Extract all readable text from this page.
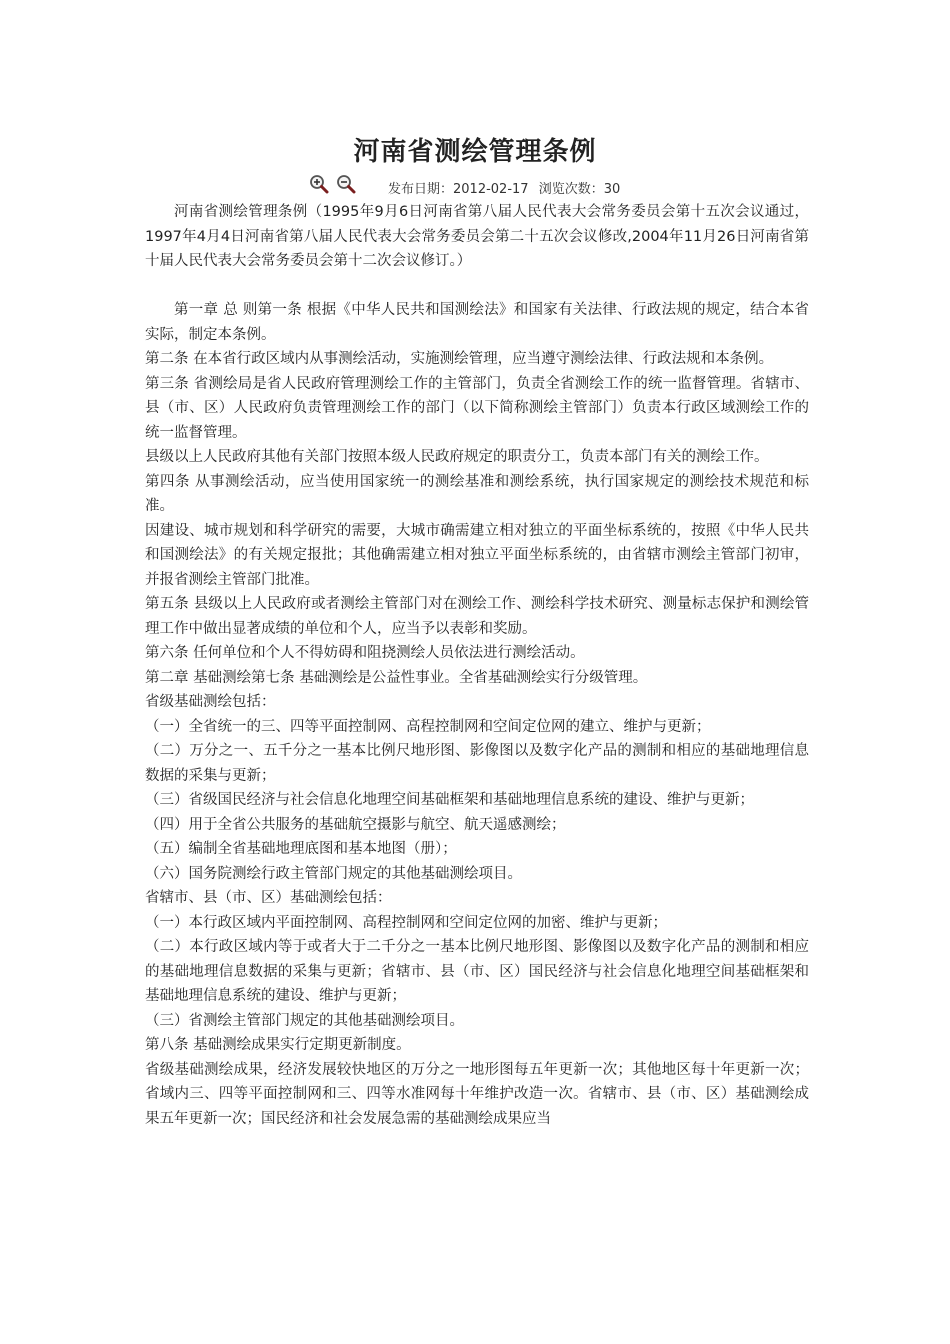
河南省测绘管理条例
发布日期：2012-02-17 浏览次数：30

河南省测绘管理条例（1995年9月6日河南省第八届人民代表大会常务委员会第十五次会议通过，1997年4月4日河南省第八届人民代表大会常务委员会第二十五次会议修改,2004年11月26日河南省第十届人民代表大会常务委员会第十二次会议修订。）

第一章 总 则第一条 根据《中华人民共和国测绘法》和国家有关法律、行政法规的规定，结合本省实际，制定本条例。

第二条 在本省行政区域内从事测绘活动，实施测绘管理，应当遵守测绘法律、行政法规和本条例。

第三条 省测绘局是省人民政府管理测绘工作的主管部门，负责全省测绘工作的统一监督管理。省辖市、县（市、区）人民政府负责管理测绘工作的部门（以下简称测绘主管部门）负责本行政区域测绘工作的统一监督管理。

县级以上人民政府其他有关部门按照本级人民政府规定的职责分工，负责本部门有关的测绘工作。

第四条 从事测绘活动，应当使用国家统一的测绘基准和测绘系统，执行国家规定的测绘技术规范和标准。

因建设、城市规划和科学研究的需要，大城市确需建立相对独立的平面坐标系统的，按照《中华人民共和国测绘法》的有关规定报批；其他确需建立相对独立平面坐标系统的，由省辖市测绘主管部门初审，并报省测绘主管部门批准。

第五条 县级以上人民政府或者测绘主管部门对在测绘工作、测绘科学技术研究、测量标志保护和测绘管理工作中做出显著成绩的单位和个人，应当予以表彰和奖励。

第六条 任何单位和个人不得妨碍和阻挠测绘人员依法进行测绘活动。

第二章 基础测绘第七条 基础测绘是公益性事业。全省基础测绘实行分级管理。

省级基础测绘包括：

（一）全省统一的三、四等平面控制网、高程控制网和空间定位网的建立、维护与更新；

（二）万分之一、五千分之一基本比例尺地形图、影像图以及数字化产品的测制和相应的基础地理信息数据的采集与更新；

（三）省级国民经济与社会信息化地理空间基础框架和基础地理信息系统的建设、维护与更新；

（四）用于全省公共服务的基础航空摄影与航空、航天遥感测绘；

（五）编制全省基础地理底图和基本地图（册）；

（六）国务院测绘行政主管部门规定的其他基础测绘项目。

省辖市、县（市、区）基础测绘包括：

（一）本行政区域内平面控制网、高程控制网和空间定位网的加密、维护与更新；

（二）本行政区域内等于或者大于二千分之一基本比例尺地形图、影像图以及数字化产品的测制和相应的基础地理信息数据的采集与更新；省辖市、县（市、区）国民经济与社会信息化地理空间基础框架和基础地理信息系统的建设、维护与更新；

（三）省测绘主管部门规定的其他基础测绘项目。

第八条 基础测绘成果实行定期更新制度。

省级基础测绘成果，经济发展较快地区的万分之一地形图每五年更新一次；其他地区每十年更新一次；省域内三、四等平面控制网和三、四等水准网每十年维护改造一次。省辖市、县（市、区）基础测绘成果五年更新一次；国民经济和社会发展急需的基础测绘成果应当
